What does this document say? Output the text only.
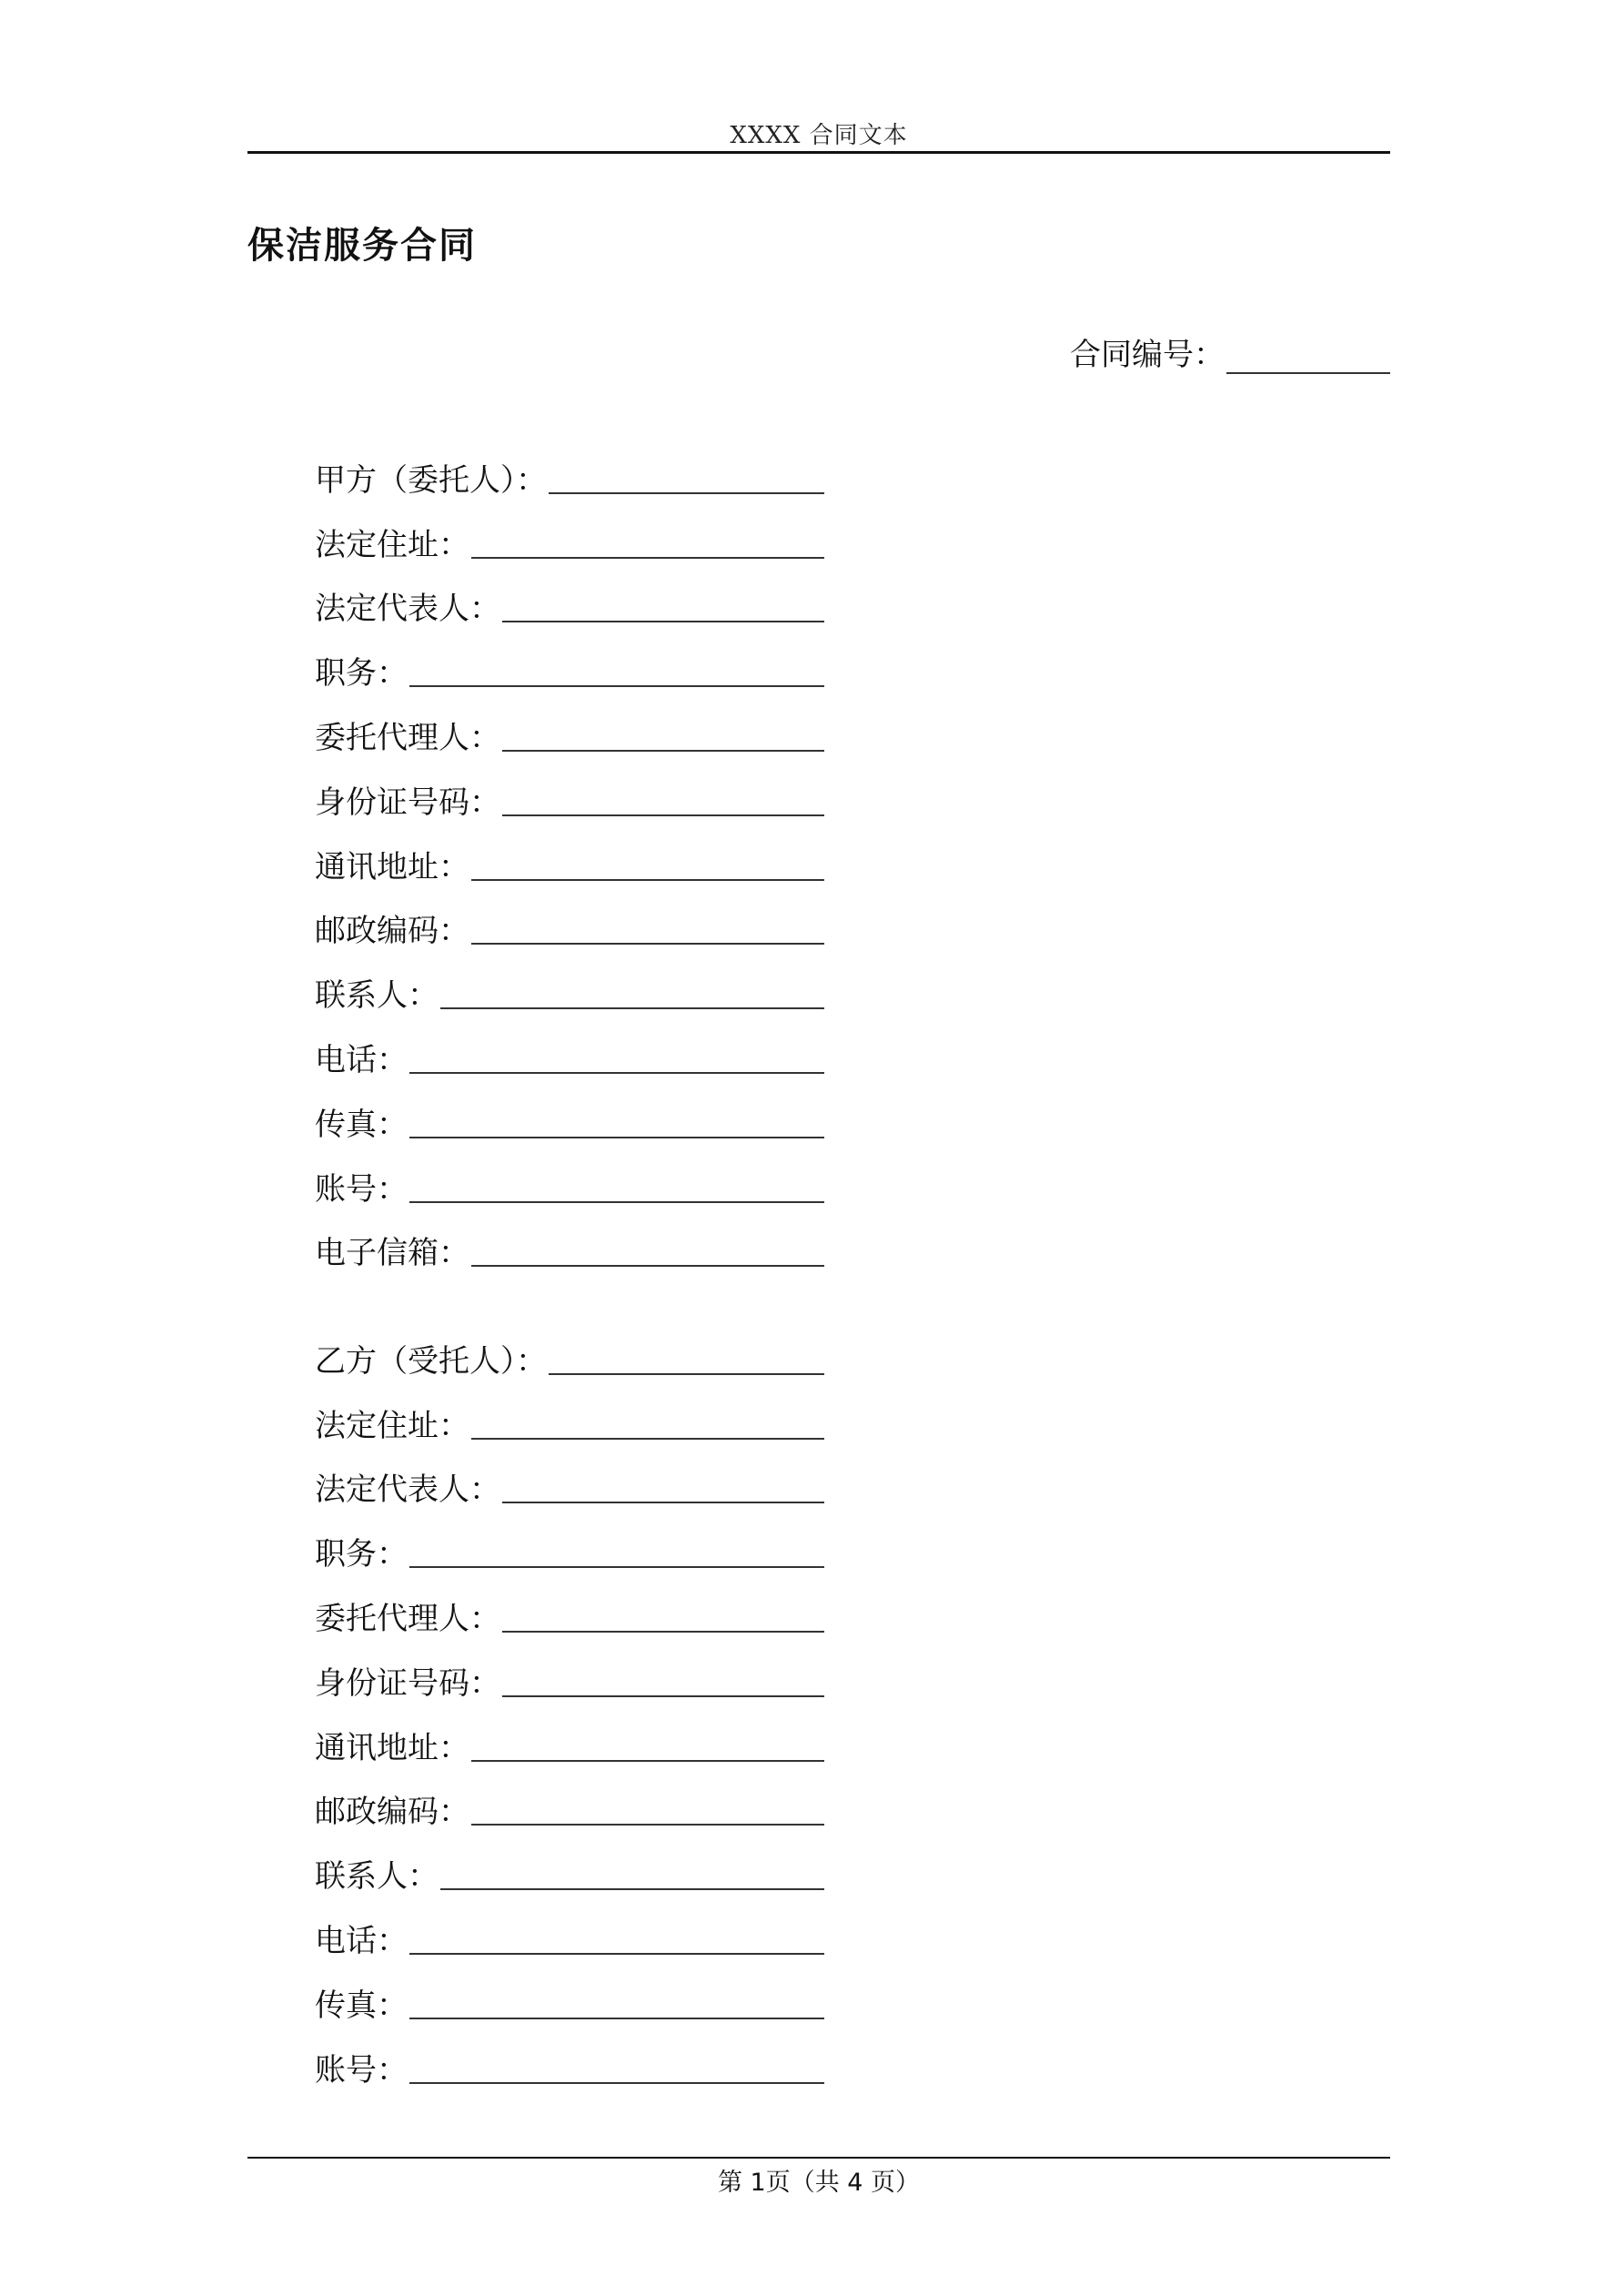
XXXX 合同文本
保洁服务合同
合同编号：
甲方（委托人）：
法定住址：
法定代表人：
职务：
委托代理人：
身份证号码：
通讯地址：
邮政编码：
联系人：
电话：
传真：
账号：
电子信箱：
乙方（受托人）：
法定住址：
法定代表人：
职务：
委托代理人：
身份证号码：
通讯地址：
邮政编码：
联系人：
电话：
传真：
账号：
第 1页（共 4 页）
